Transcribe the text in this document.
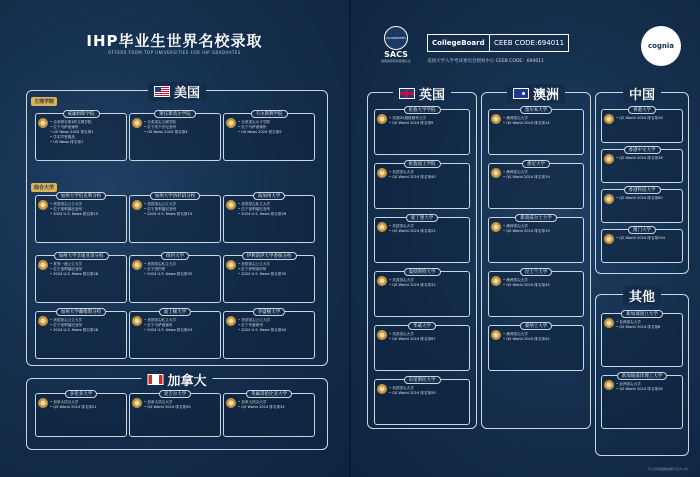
IHP毕业生世界名校录取
OFFERS FROM TOP UNIVERSITIES FOR IHP GRADUATES
美国
文理学院
综合大学
威廉姆斯学院
• 全美排名第1的文理学院
• 位于马萨诸塞州
• US News 2024 排名第1
• 学术声誉极高
• US News 排名第1
斯沃斯莫尔学院
• 全美顶尖文理学院
• 位于宾夕法尼亚州
• US News 2024 排名第4
韦尔斯利学院
• 全美顶尖女子学院
• 位于马萨诸塞州
• US News 2024 排名第5
加州大学伯克利分校
• 美国顶尖公立大学
• 位于加利福尼亚州
• 2024 U.S. News 排名第15
加州大学洛杉矶分校
• 美国顶尖公立大学
• 位于加利福尼亚州
• 2024 U.S. News 排名第15
南加州大学
• 美国顶尖私立大学
• 位于加利福尼亚州
• 2024 U.S. News 排名第28
加州大学圣地亚哥分校
• 世界一流公立大学
• 位于加利福尼亚州
• 2024 U.S. News 排名第28
纽约大学
• 美国顶尖私立大学
• 位于纽约州
• 2024 U.S. News 排名第35
伊利诺伊大学香槟分校
• 美国顶尖公立大学
• 位于伊利诺伊州
• 2024 U.S. News 排名第35
加州大学戴维斯分校
• 美国顶尖公立大学
• 位于加利福尼亚州
• 2024 U.S. News 排名第28
波士顿大学
• 美国顶尖私立大学
• 位于马萨诸塞州
• 2024 U.S. News 排名第43
华盛顿大学
• 美国顶尖公立大学
• 位于华盛顿州
• 2024 U.S. News 排名第40
加拿大
多伦多大学
• 加拿大顶尖大学
• QS World 2024 排名第21
麦吉尔大学
• 加拿大顶尖大学
• QS World 2024 排名第30
英属哥伦比亚大学
• 加拿大顶尖大学
• QS World 2024 排名第34
ACCREDITED
SACS
美国南部院校联盟认证
CollegeBoard	CEEB CODE:694011
美国大学入学考试委员会授权中心 CEEB CODE：694011
cognia
英国
伦敦大学学院
• 英国G5超级精英大学
• QS World 2024 排名第9
伦敦国王学院
• 英国顶尖大学
• QS World 2024 排名第40
爱丁堡大学
• 英国顶尖大学
• QS World 2024 排名第22
曼彻斯特大学
• 英国顶尖大学
• QS World 2024 排名第32
华威大学
• 英国顶尖大学
• QS World 2024 排名第67
布里斯托大学
• 英国顶尖大学
• QS World 2024 排名第55
澳洲
墨尔本大学
• 澳洲顶尖大学
• QS World 2024 排名第14
悉尼大学
• 澳洲顶尖大学
• QS World 2024 排名第19
新南威尔士大学
• 澳洲顶尖大学
• QS World 2024 排名第19
昆士兰大学
• 澳洲顶尖大学
• QS World 2024 排名第43
蒙纳士大学
• 澳洲顶尖大学
• QS World 2024 排名第42
中国
香港大学
• QS World 2024 排名第26
香港中文大学
• QS World 2024 排名第36
香港科技大学
• QS World 2024 排名第60
澳门大学
• QS World 2024 排名第254
其他
新加坡国立大学
• 亚洲顶尖大学
• QS World 2024 排名第8
新加坡南洋理工大学
• 亚洲顶尖大学
• QS World 2024 排名第26
*以上排名数据来源于官方公布
